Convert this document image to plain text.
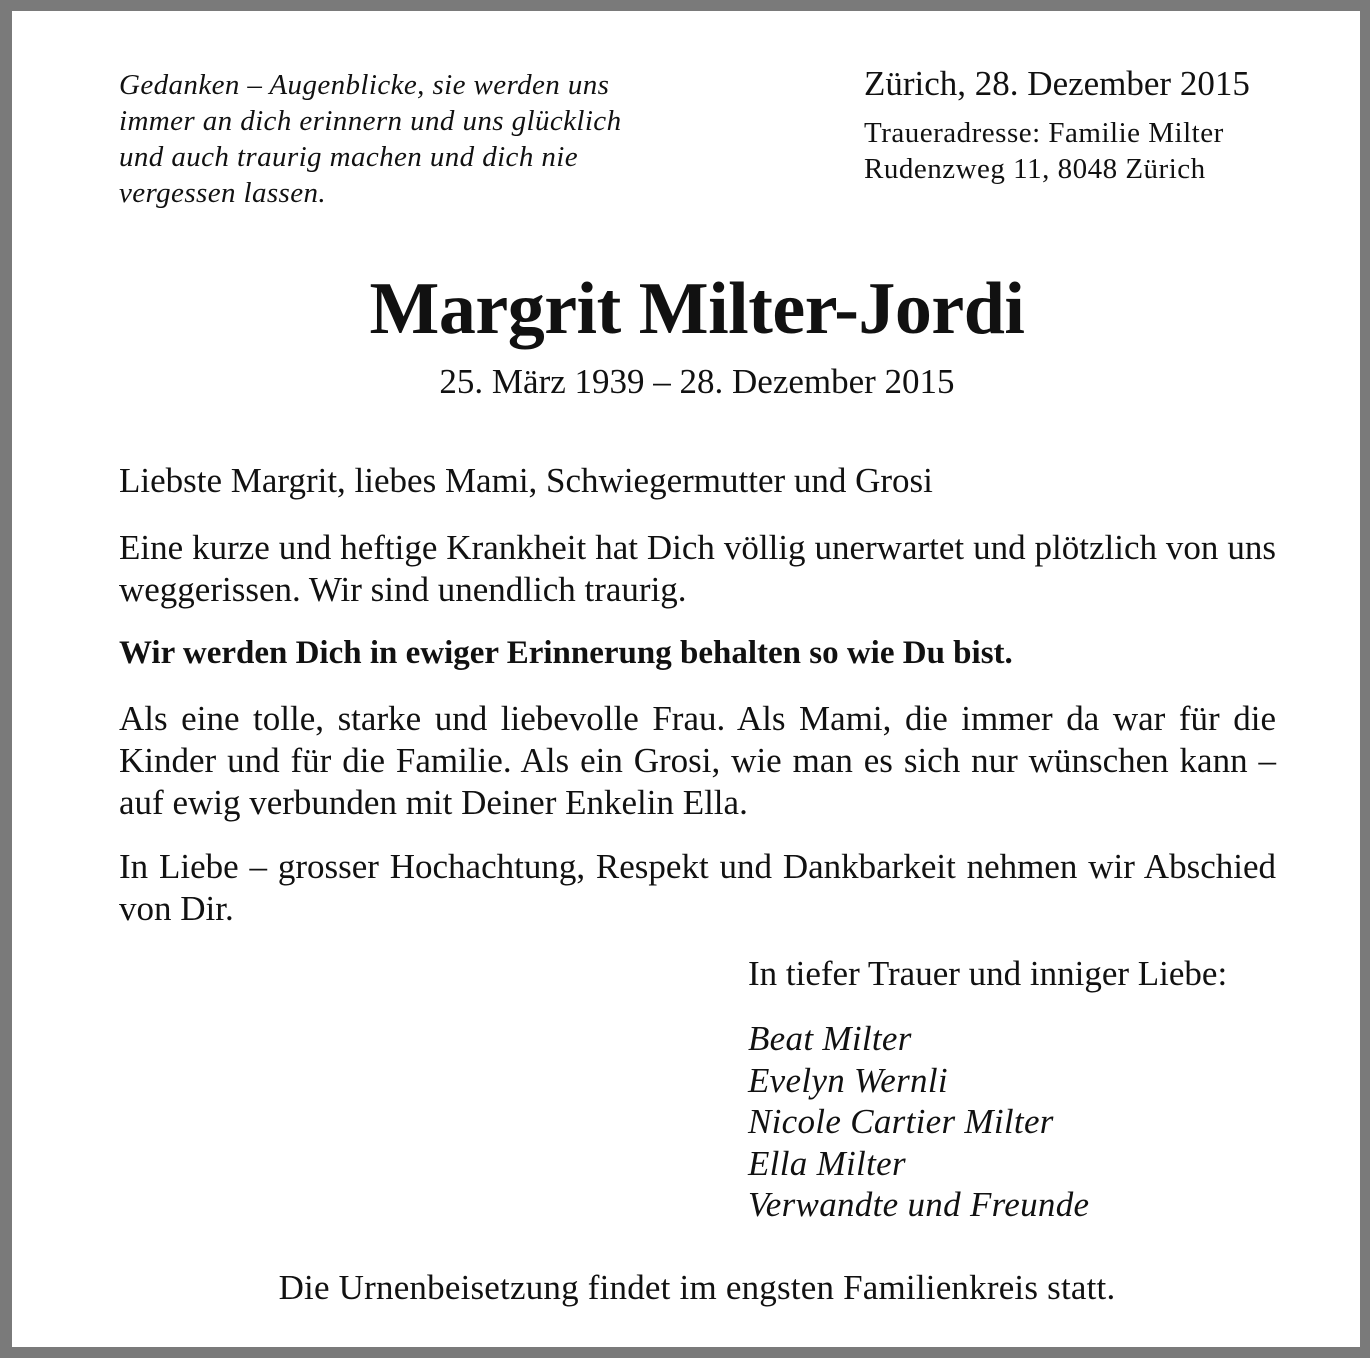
Gedanken – Augenblicke, sie werden uns
immer an dich erinnern und uns glücklich
und auch traurig machen und dich nie
vergessen lassen.

Zürich, 28. Dezember 2015

Traueradresse: Familie Milter
Rudenzweg 11, 8048 Zürich

Margrit Milter-Jordi

25. März 1939 – 28. Dezember 2015

Liebste Margrit, liebes Mami, Schwiegermutter und Grosi

Eine kurze und heftige Krankheit hat Dich völlig unerwartet und plötzlich von uns weggerissen. Wir sind unendlich traurig.

Wir werden Dich in ewiger Erinnerung behalten so wie Du bist.

Als eine tolle, starke und liebevolle Frau. Als Mami, die immer da war für die Kinder und für die Familie. Als ein Grosi, wie man es sich nur wünschen kann – auf ewig verbunden mit Deiner Enkelin Ella.

In Liebe – grosser Hochachtung, Respekt und Dankbarkeit nehmen wir Abschied von Dir.

In tiefer Trauer und inniger Liebe:

Beat Milter
Evelyn Wernli
Nicole Cartier Milter
Ella Milter
Verwandte und Freunde

Die Urnenbeisetzung findet im engsten Familienkreis statt.
